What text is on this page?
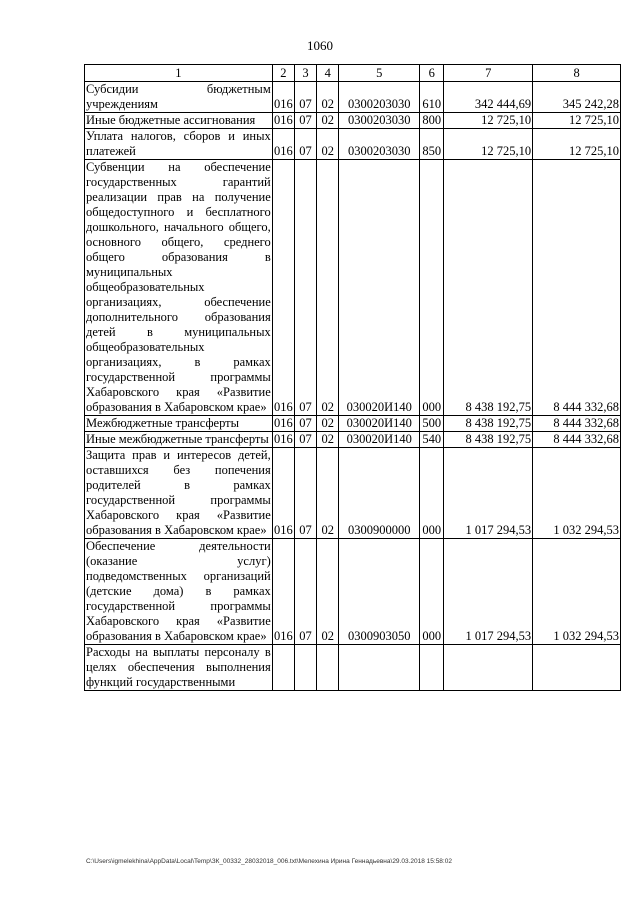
1060
1	2	3	4	5	6	7	8

Субсидии бюджетным учреждениям	016	07	02	0300203030	610	342 444,69	345 242,28

Иные бюджетные ассигнования	016	07	02	0300203030	800	12 725,10	12 725,10

Уплата налогов, сборов и иных платежей	016	07	02	0300203030	850	12 725,10	12 725,10

Субвенции на обеспечение государственных гарантий реализации прав на получение общедоступного и бесплатного дошкольного, начального общего, основного общего, среднего общего образования в муниципальных общеобразовательных организациях, обеспечение дополнительного образования детей в муниципальных общеобразовательных организациях, в рамках государственной программы Хабаровского края «Развитие образования в Хабаровском крае»	016	07	02	030020И140	000	8 438 192,75	8 444 332,68

Межбюджетные трансферты	016	07	02	030020И140	500	8 438 192,75	8 444 332,68

Иные межбюджетные трансферты	016	07	02	030020И140	540	8 438 192,75	8 444 332,68

Защита прав и интересов детей, оставшихся без попечения родителей в рамках государственной программы Хабаровского края «Развитие образования в Хабаровском крае»	016	07	02	0300900000	000	1 017 294,53	1 032 294,53

Обеспечение деятельности (оказание услуг) подведомственных организаций (детские дома) в рамках государственной программы Хабаровского края «Развитие образования в Хабаровском крае»	016	07	02	0300903050	000	1 017 294,53	1 032 294,53

Расходы на выплаты персоналу в целях обеспечения выполнения функций государственными							

C:\Users\igmelekhina\AppData\Local\Temp\ЗК_00332_28032018_006.txt\Мелехина Ирина Геннадьевна\29.03.2018 15:58:02
